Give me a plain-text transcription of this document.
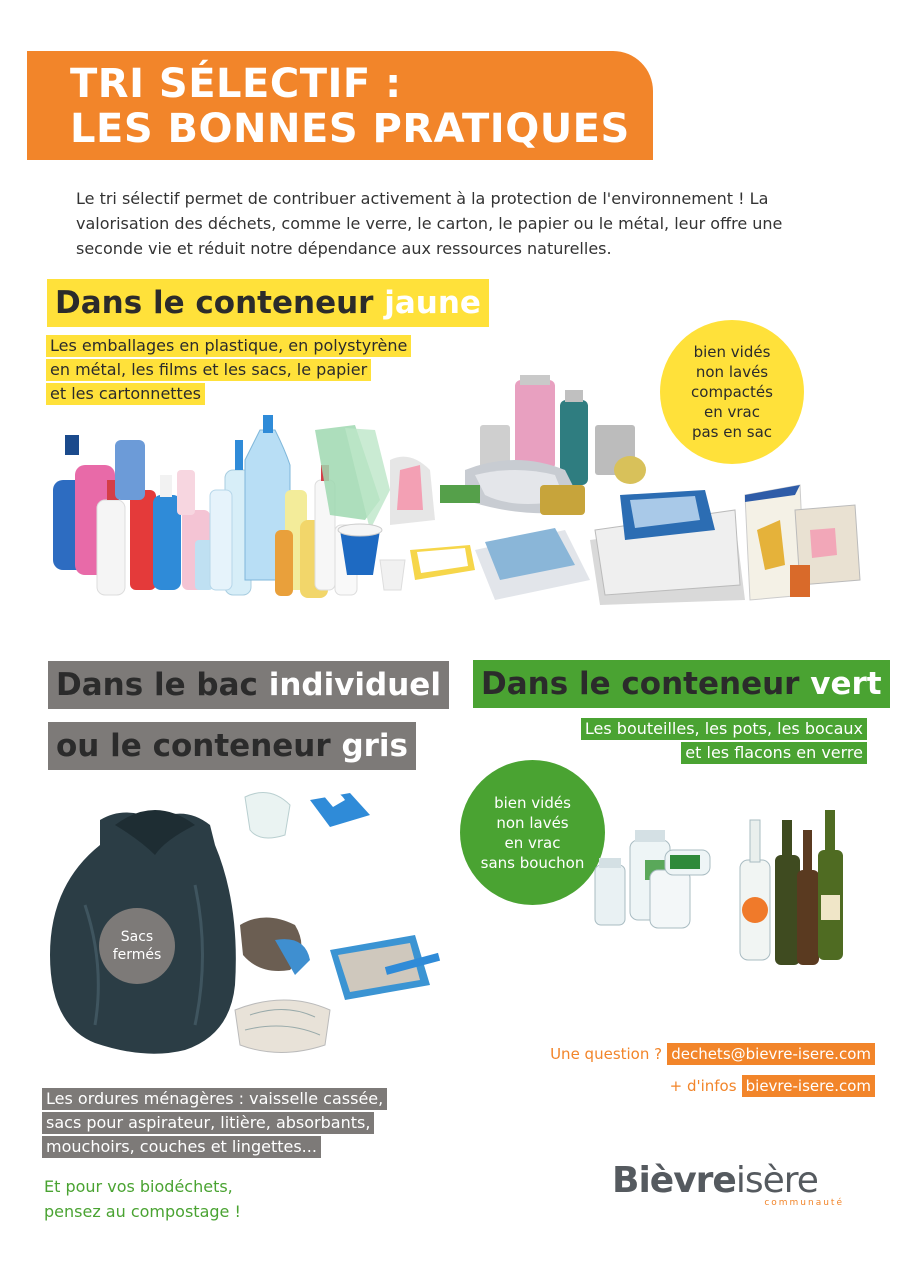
TRI SÉLECTIF :
LES BONNES PRATIQUES
Le tri sélectif permet de contribuer activement à la protection de l'environnement ! La valorisation des déchets, comme le verre, le carton, le papier ou le métal, leur offre une seconde vie et réduit notre dépendance aux ressources naturelles.
Dans le conteneur jaune
Les emballages en plastique, en polystyrène
en métal, les films et les sacs, le papier
et les cartonnettes
bien vidés
non lavés
compactés
en vrac
pas en sac
Dans le bac individuel
ou le conteneur gris
Sacs
fermés
Les ordures ménagères : vaisselle cassée,
sacs pour aspirateur, litière, absorbants,
mouchoirs, couches et lingettes...
Et pour vos biodéchets,
pensez au compostage !
Dans le conteneur vert
Les bouteilles, les pots, les bocaux
et les flacons en verre
bien vidés
non lavés
en vrac
sans bouchon
Une question ? dechets@bievre-isere.com
+ d'infos bievre-isere.com
Bièvreisère
communauté
